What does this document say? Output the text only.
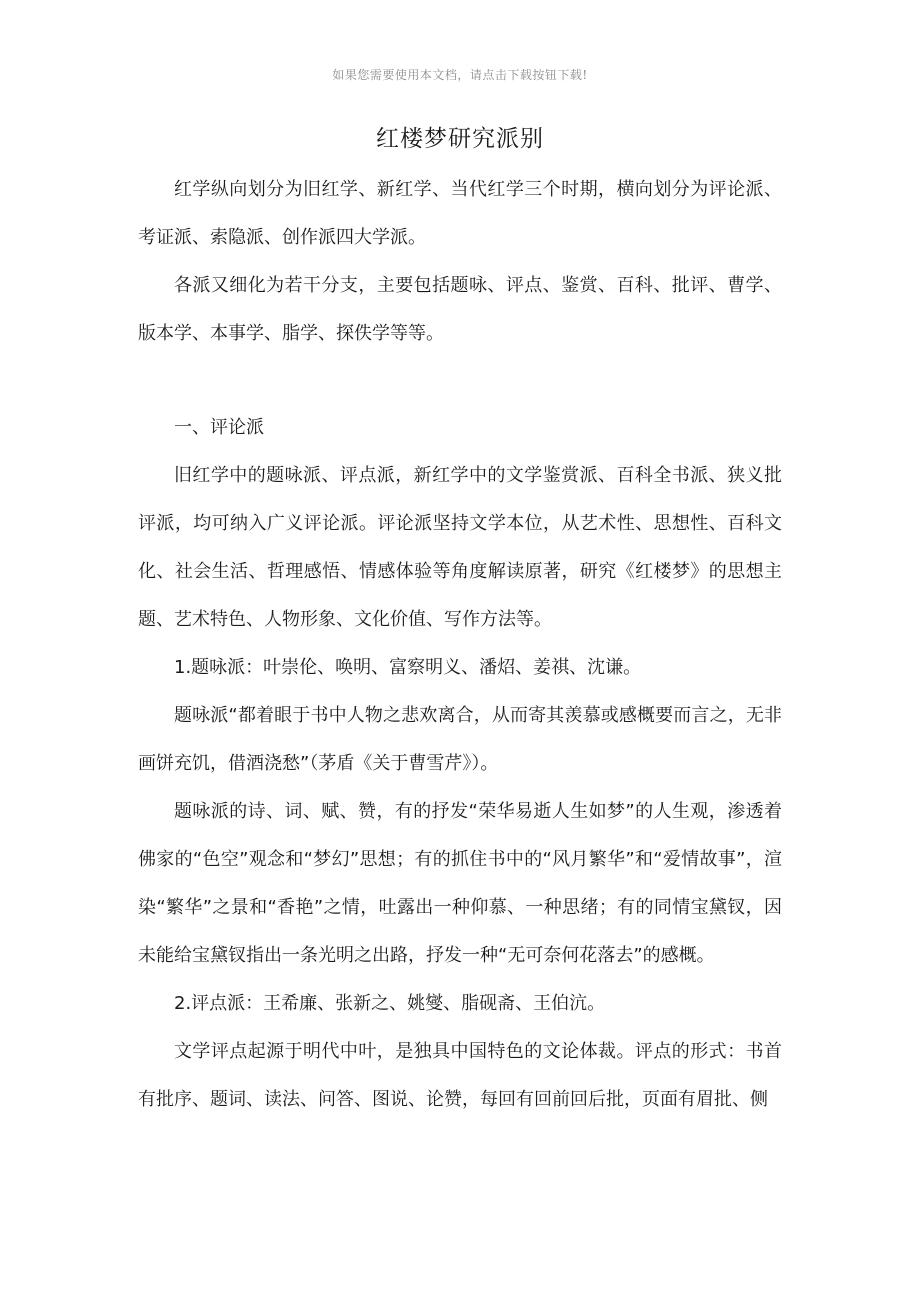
如果您需要使用本文档，请点击下载按钮下载!
红楼梦研究派别

红学纵向划分为旧红学、新红学、当代红学三个时期，横向划分为评论派、考证派、索隐派、创作派四大学派。

各派又细化为若干分支，主要包括题咏、评点、鉴赏、百科、批评、曹学、版本学、本事学、脂学、探佚学等等。

一、评论派

旧红学中的题咏派、评点派，新红学中的文学鉴赏派、百科全书派、狭义批评派，均可纳入广义评论派。评论派坚持文学本位，从艺术性、思想性、百科文化、社会生活、哲理感悟、情感体验等角度解读原著，研究《红楼梦》的思想主题、艺术特色、人物形象、文化价值、写作方法等。

1.题咏派：叶崇伦、唤明、富察明义、潘炤、姜祺、沈谦。

题咏派“都着眼于书中人物之悲欢离合，从而寄其羡慕或感概要而言之，无非画饼充饥，借酒浇愁”（茅盾《关于曹雪芹》）。

题咏派的诗、词、赋、赞，有的抒发“荣华易逝人生如梦”的人生观，渗透着佛家的“色空”观念和“梦幻”思想；有的抓住书中的“风月繁华”和“爱情故事”，渲染“繁华”之景和“香艳”之情，吐露出一种仰慕、一种思绪；有的同情宝黛钗，因未能给宝黛钗指出一条光明之出路，抒发一种“无可奈何花落去”的感概。

2.评点派：王希廉、张新之、姚燮、脂砚斋、王伯沆。

文学评点起源于明代中叶，是独具中国特色的文论体裁。评点的形式：书首有批序、题词、读法、问答、图说、论赞，每回有回前回后批，页面有眉批、侧
